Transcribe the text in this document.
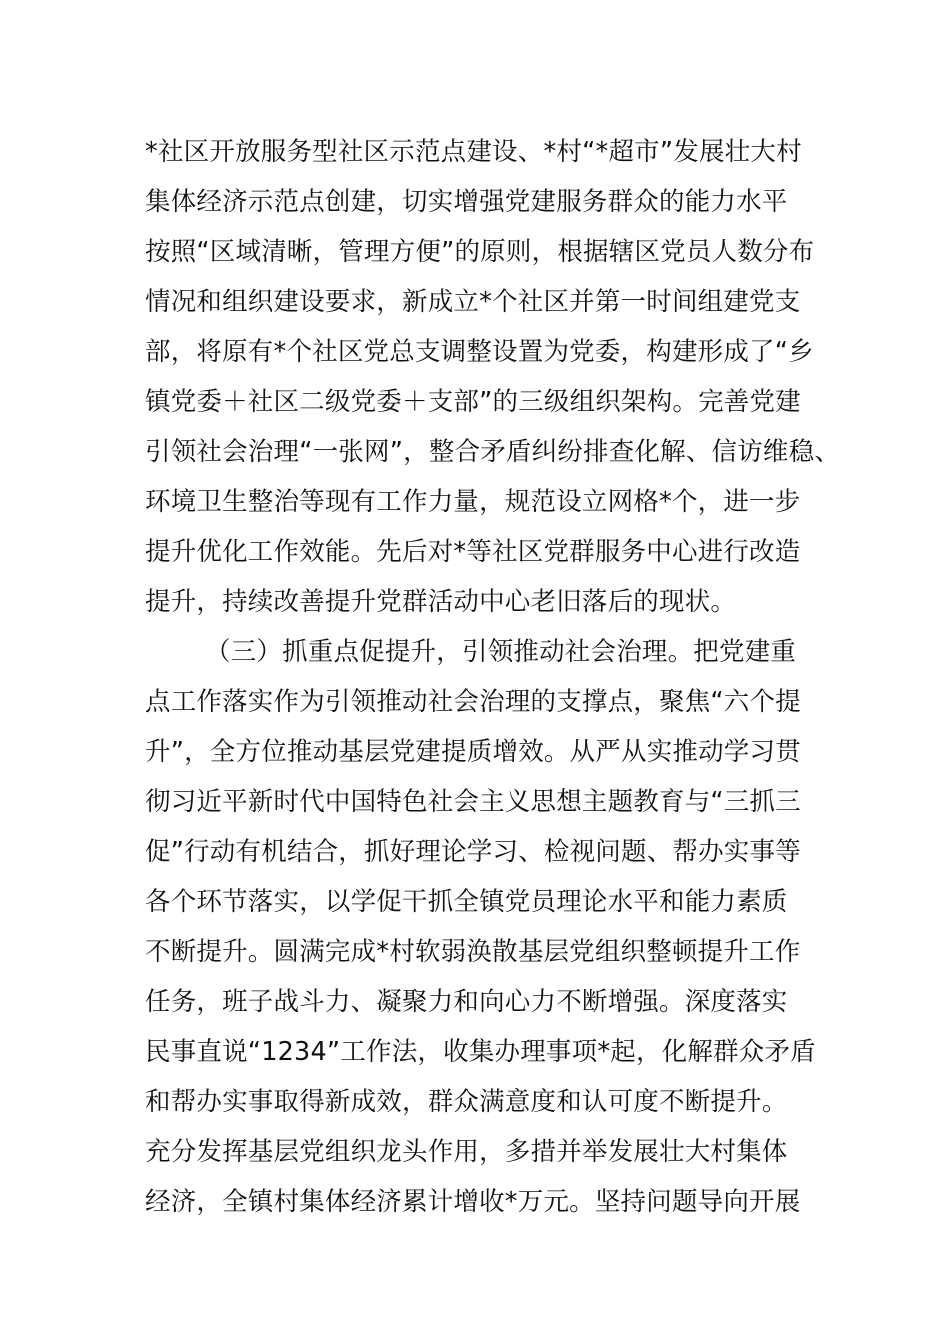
*社区开放服务型社区示范点建设、*村“*超市”发展壮大村
集体经济示范点创建，切实增强党建服务群众的能力水平
按照“区域清晰，管理方便”的原则，根据辖区党员人数分布
情况和组织建设要求，新成立*个社区并第一时间组建党支
部，将原有*个社区党总支调整设置为党委，构建形成了“乡
镇党委＋社区二级党委＋支部”的三级组织架构。完善党建
引领社会治理“一张网”，整合矛盾纠纷排查化解、信访维稳、
环境卫生整治等现有工作力量，规范设立网格*个，进一步
提升优化工作效能。先后对*等社区党群服务中心进行改造
提升，持续改善提升党群活动中心老旧落后的现状。
（三）抓重点促提升，引领推动社会治理。把党建重
点工作落实作为引领推动社会治理的支撑点，聚焦“六个提
升”，全方位推动基层党建提质增效。从严从实推动学习贯
彻习近平新时代中国特色社会主义思想主题教育与“三抓三
促”行动有机结合，抓好理论学习、检视问题、帮办实事等
各个环节落实，以学促干抓全镇党员理论水平和能力素质
不断提升。圆满完成*村软弱涣散基层党组织整顿提升工作
任务，班子战斗力、凝聚力和向心力不断增强。深度落实
民事直说“1234”工作法，收集办理事项*起，化解群众矛盾
和帮办实事取得新成效，群众满意度和认可度不断提升。
充分发挥基层党组织龙头作用，多措并举发展壮大村集体
经济，全镇村集体经济累计增收*万元。坚持问题导向开展
